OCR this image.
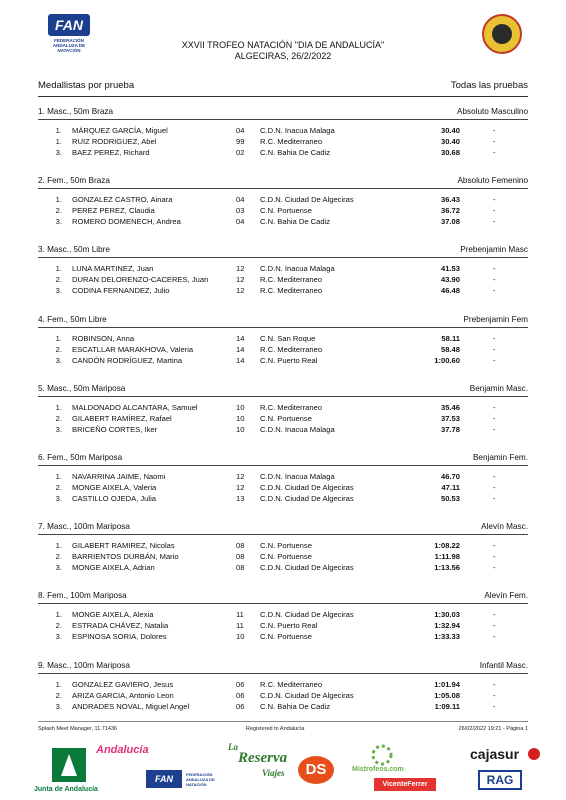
FAN
FEDERACIÓN ANDALUZA DE NATACIÓN
XXVII TROFEO NATACIÓN "DIA DE ANDALUCÍA"
ALGECIRAS, 26/2/2022
Medallistas por prueba	Todas las pruebas
1. Masc., 50m Braza	Absoluto Masculino
1. MÁRQUEZ GARCÍA, Miguel	04 C.D.N. Inacua Malaga	30.40	-
1. RUIZ RODRIGUEZ, Abel	99 R.C. Mediterraneo	30.40	-
3. BAEZ PEREZ, Richard	02 C.N. Bahia De Cadiz	30.68	-
2. Fem., 50m Braza	Absoluto Femenino
1. GONZALEZ CASTRO, Ainara	04 C.D.N. Ciudad De Algeciras	36.43	-
2. PEREZ PEREZ, Claudia	03 C.N. Portuense	36.72	-
3. ROMERO DOMENECH, Andrea	04 C.N. Bahia De Cadiz	37.08	-
3. Masc., 50m Libre	Prebenjamin Masc
1. LUNA MARTINEZ, Juan	12 C.D.N. Inacua Malaga	41.53	-
2. DURAN DELORENZO-CACERES, Juan	12 R.C. Mediterraneo	43.90	-
3. CODINA FERNANDEZ, Julio	12 R.C. Mediterraneo	46.48	-
4. Fem., 50m Libre	Prebenjamin Fem
1. ROBINSON, Anna	14 C.N. San Roque	58.11	-
2. ESCATLLAR MARAKHOVA, Valeria	14 R.C. Mediterraneo	58.48	-
3. CANDÓN RODRÍGUEZ, Martina	14 C.N. Puerto Real	1:00.60	-
5. Masc., 50m Mariposa	Benjamin Masc.
1. MALDONADO ALCANTARA, Samuel	10 R.C. Mediterraneo	35.46	-
2. GILABERT RAMÍREZ, Rafael	10 C.N. Portuense	37.53	-
3. BRICEÑO CORTES, Iker	10 C.D.N. Inacua Malaga	37.78	-
6. Fem., 50m Mariposa	Benjamin Fem.
1. NAVARRINA JAIME, Naomi	12 C.D.N. Inacua Malaga	46.70	-
2. MONGE AIXELA, Valeria	12 C.D.N. Ciudad De Algeciras	47.11	-
3. CASTILLO OJEDA, Julia	13 C.D.N. Ciudad De Algeciras	50.53	-
7. Masc., 100m Mariposa	Alevín Masc.
1. GILABERT RAMIREZ, Nicolas	08 C.N. Portuense	1:08.22	-
2. BARRIENTOS DURBÁN, Mario	08 C.N. Portuense	1:11.98	-
3. MONGE AIXELA, Adrian	08 C.D.N. Ciudad De Algeciras	1:13.56	-
8. Fem., 100m Mariposa	Alevín Fem.
1. MONGE AIXELA, Alexia	11 C.D.N. Ciudad De Algeciras	1:30.03	-
2. ESTRADA CHÁVEZ, Natalia	11 C.N. Puerto Real	1:32.94	-
3. ESPINOSA SORIA, Dolores	10 C.N. Portuense	1:33.33	-
9. Masc., 100m Mariposa	Infantil Masc.
1. GONZALEZ GAVIERO, Jesus	06 R.C. Mediterraneo	1:01.94	-
2. ARIZA GARCIA, Antonio Leon	06 C.D.N. Ciudad De Algeciras	1:05.08	-
3. ANDRADES NOVAL, Miguel Angel	06 C.N. Bahia De Cadiz	1:09.11	-
Splash Meet Manager, 11.71436	Registered to Andalucía	26/02/2022 19:21 - Página 1
Junta de Andalucía
Andalucía
FAN	FEDERACIÓN ANDALUZA DE NATACIÓN
La
Reserva
Viajes	DS	Mistrofeos.com
VicenteFerrer
cajasur
RAG
